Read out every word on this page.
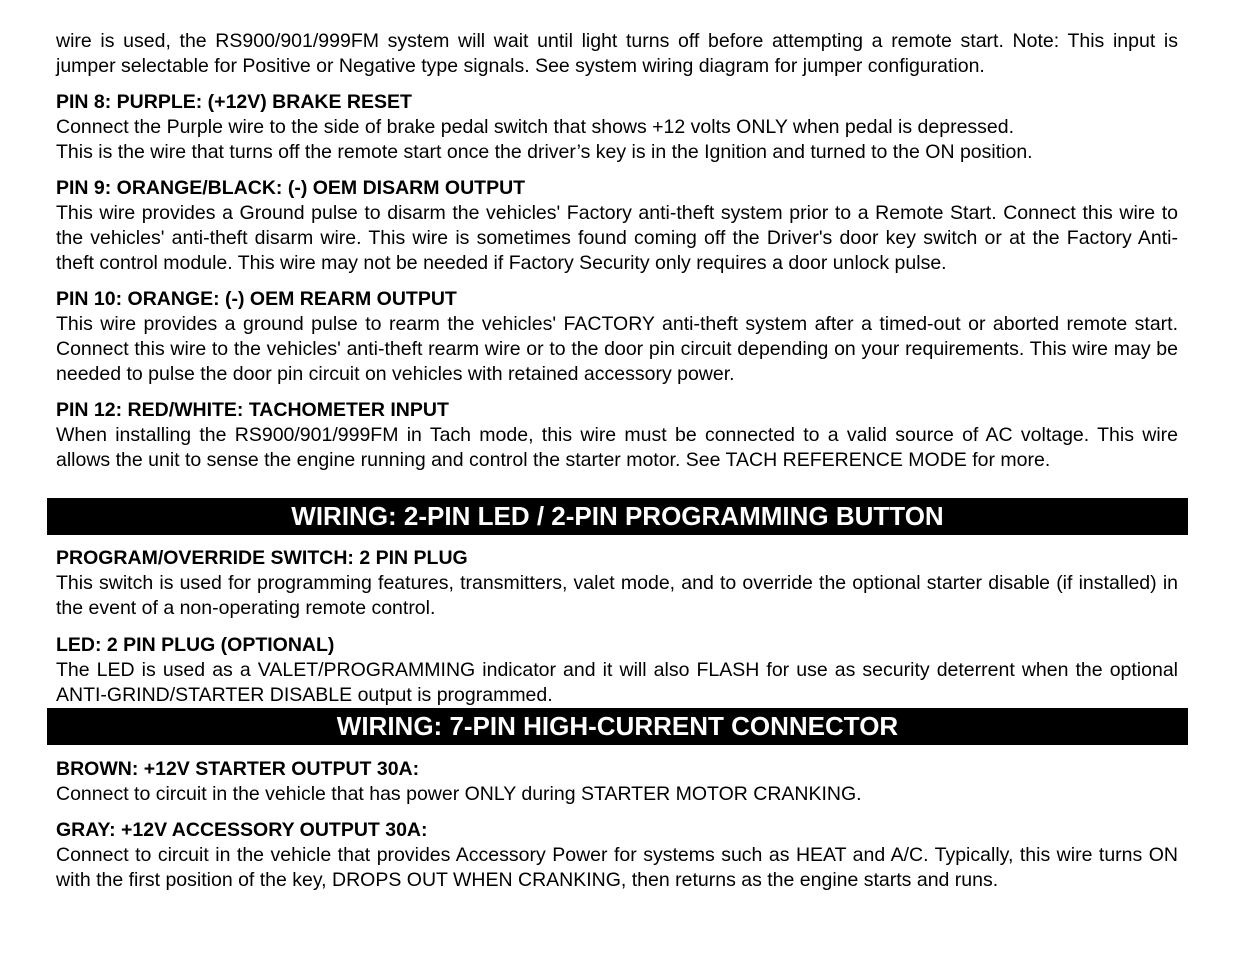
wire is used, the RS900/901/999FM system will wait until light turns off before attempting a remote start. Note: This input is jumper selectable for Positive or Negative type signals. See system wiring diagram for jumper configuration.

PIN 8: PURPLE: (+12V) BRAKE RESET

Connect the Purple wire to the side of brake pedal switch that shows +12 volts ONLY when pedal is depressed.

This is the wire that turns off the remote start once the driver’s key is in the Ignition and turned to the ON position.

PIN 9: ORANGE/BLACK: (-) OEM DISARM OUTPUT

This wire provides a Ground pulse to disarm the vehicles' Factory anti-theft system prior to a Remote Start. Connect this wire to the vehicles' anti-theft disarm wire. This wire is sometimes found coming off the Driver's door key switch or at the Factory Anti-theft control module. This wire may not be needed if Factory Security only requires a door unlock pulse.

PIN 10: ORANGE: (-) OEM REARM OUTPUT

This wire provides a ground pulse to rearm the vehicles' FACTORY anti-theft system after a timed-out or aborted remote start. Connect this wire to the vehicles' anti-theft rearm wire or to the door pin circuit depending on your requirements. This wire may be needed to pulse the door pin circuit on vehicles with retained accessory power.

PIN 12: RED/WHITE: TACHOMETER INPUT

When installing the RS900/901/999FM in Tach mode, this wire must be connected to a valid source of AC voltage. This wire allows the unit to sense the engine running and control the starter motor. See TACH REFERENCE MODE for more.

WIRING: 2-PIN LED / 2-PIN PROGRAMMING BUTTON

PROGRAM/OVERRIDE SWITCH: 2 PIN PLUG

This switch is used for programming features, transmitters, valet mode, and to override the optional starter disable (if installed) in the event of a non-operating remote control.

LED: 2 PIN PLUG (OPTIONAL)

The LED is used as a VALET/PROGRAMMING indicator and it will also FLASH for use as security deterrent when the optional ANTI-GRIND/STARTER DISABLE output is programmed.

WIRING: 7-PIN HIGH-CURRENT CONNECTOR

BROWN: +12V STARTER OUTPUT 30A:

Connect to circuit in the vehicle that has power ONLY during STARTER MOTOR CRANKING.

GRAY: +12V ACCESSORY OUTPUT 30A:

Connect to circuit in the vehicle that provides Accessory Power for systems such as HEAT and A/C. Typically, this wire turns ON with the first position of the key, DROPS OUT WHEN CRANKING, then returns as the engine starts and runs.
